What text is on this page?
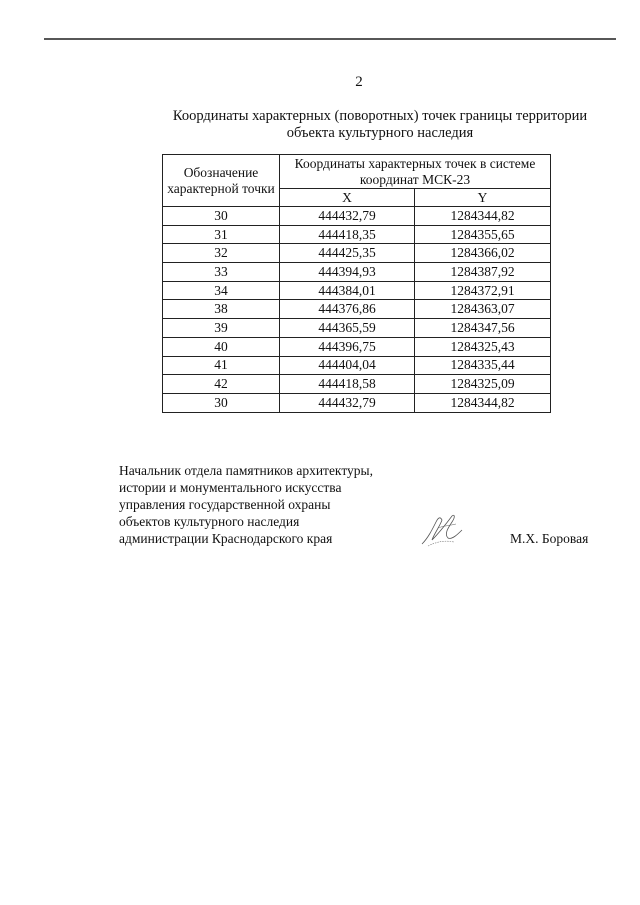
2
Координаты характерных (поворотных) точек границы территории
объекта культурного наследия
Обозначение характерной точки	Координаты характерных точек в системе координат МСК-23	
	X	Y
30	444432,79	1284344,82
31	444418,35	1284355,65
32	444425,35	1284366,02
33	444394,93	1284387,92
34	444384,01	1284372,91
38	444376,86	1284363,07
39	444365,59	1284347,56
40	444396,75	1284325,43
41	444404,04	1284335,44
42	444418,58	1284325,09
30	444432,79	1284344,82
Начальник отдела памятников архитектуры,
истории и монументального искусства
управления государственной охраны
объектов культурного наследия
администрации Краснодарского края	М.Х. Боровая
